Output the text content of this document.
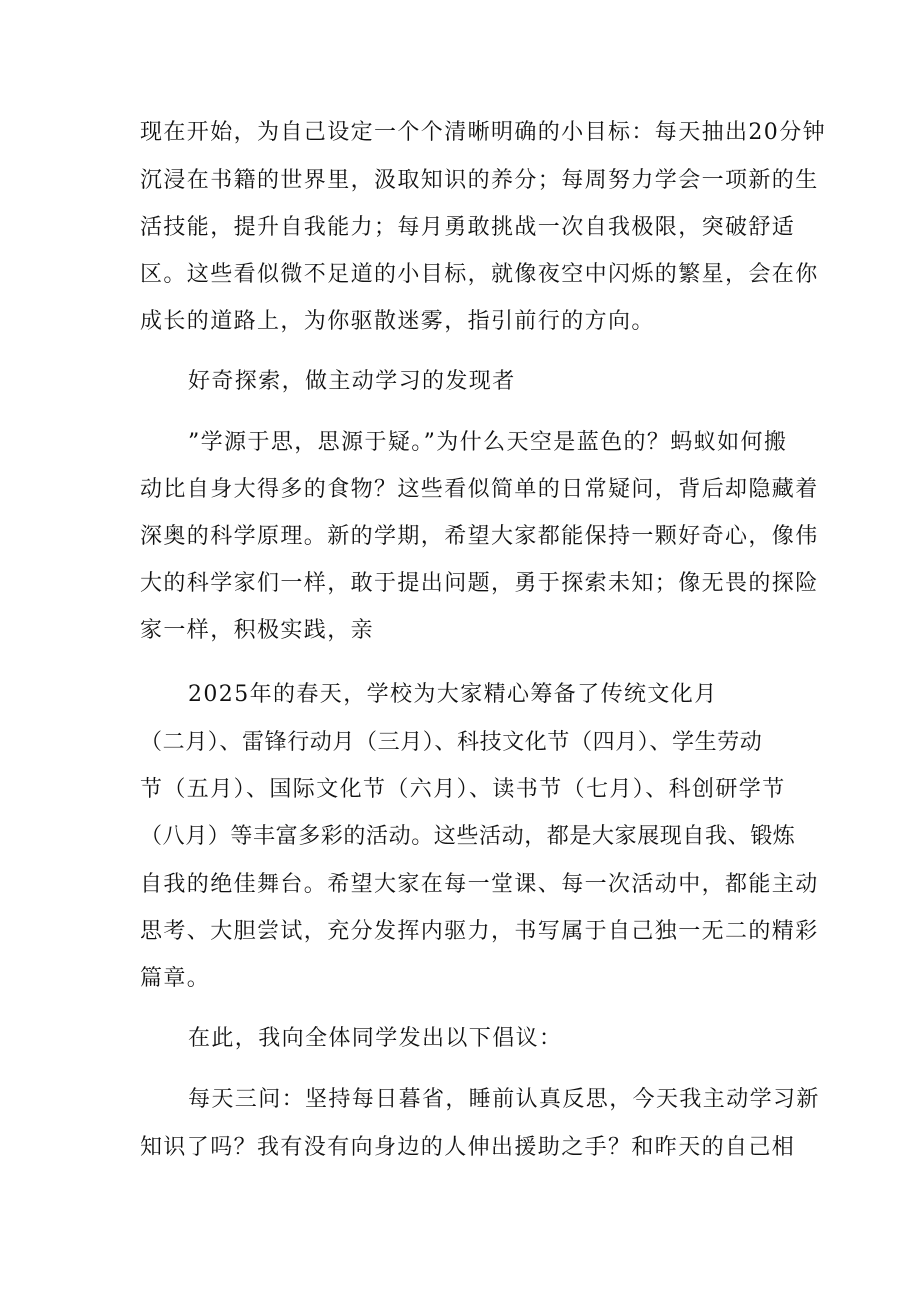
现在开始，为自己设定一个个清晰明确的小目标：每天抽出20分钟
沉浸在书籍的世界里，汲取知识的养分；每周努力学会一项新的生
活技能，提升自我能力；每月勇敢挑战一次自我极限，突破舒适
区。这些看似微不足道的小目标，就像夜空中闪烁的繁星，会在你
成长的道路上，为你驱散迷雾，指引前行的方向。
好奇探索，做主动学习的发现者
”学源于思，思源于疑。”为什么天空是蓝色的？蚂蚁如何搬
动比自身大得多的食物？这些看似简单的日常疑问，背后却隐藏着
深奥的科学原理。新的学期，希望大家都能保持一颗好奇心，像伟
大的科学家们一样，敢于提出问题，勇于探索未知；像无畏的探险
家一样，积极实践，亲
2025年的春天，学校为大家精心筹备了传统文化月
（二月）、雷锋行动月（三月）、科技文化节（四月）、学生劳动
节（五月）、国际文化节（六月）、读书节（七月）、科创研学节
（八月）等丰富多彩的活动。这些活动，都是大家展现自我、锻炼
自我的绝佳舞台。希望大家在每一堂课、每一次活动中，都能主动
思考、大胆尝试，充分发挥内驱力，书写属于自己独一无二的精彩
篇章。
在此，我向全体同学发出以下倡议：
每天三问：坚持每日暮省，睡前认真反思，今天我主动学习新
知识了吗？我有没有向身边的人伸出援助之手？和昨天的自己相
